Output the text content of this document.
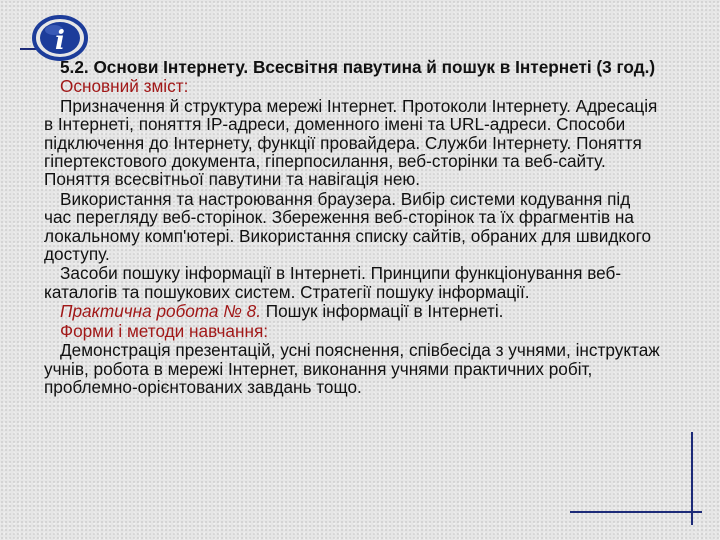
i

5.2. Основи Інтернету. Всесвітня павутина й пошук в Інтернеті (3 год.)

Основний зміст:

Призначення й структура мережі Інтернет. Протоколи Інтернету. Адресація в Інтернеті, поняття IP-адреси, доменного імені та URL-адреси. Способи підключення до Інтернету, функції провайдера. Служби Інтернету. Поняття гіпертекстового документа, гіперпосилання, веб-сторінки та веб-сайту. Поняття всесвітньої павутини та навігація нею.

Використання та настроювання браузера. Вибір системи кодування під час перегляду веб-сторінок. Збереження веб-сторінок та їх фрагментів на локальному комп'ютері. Використання списку сайтів, обраних для швидкого доступу.

Засоби пошуку інформації в Інтернеті. Принципи функціонування веб-каталогів та пошукових систем. Стратегії пошуку інформації.

Практична робота № 8. Пошук інформації в Інтернеті.

Форми і методи навчання:

Демонстрація презентацій, усні пояснення, співбесіда з учнями, інструктаж учнів, робота в мережі Інтернет, виконання учнями практичних робіт, проблемно-орієнтованих завдань тощо.
